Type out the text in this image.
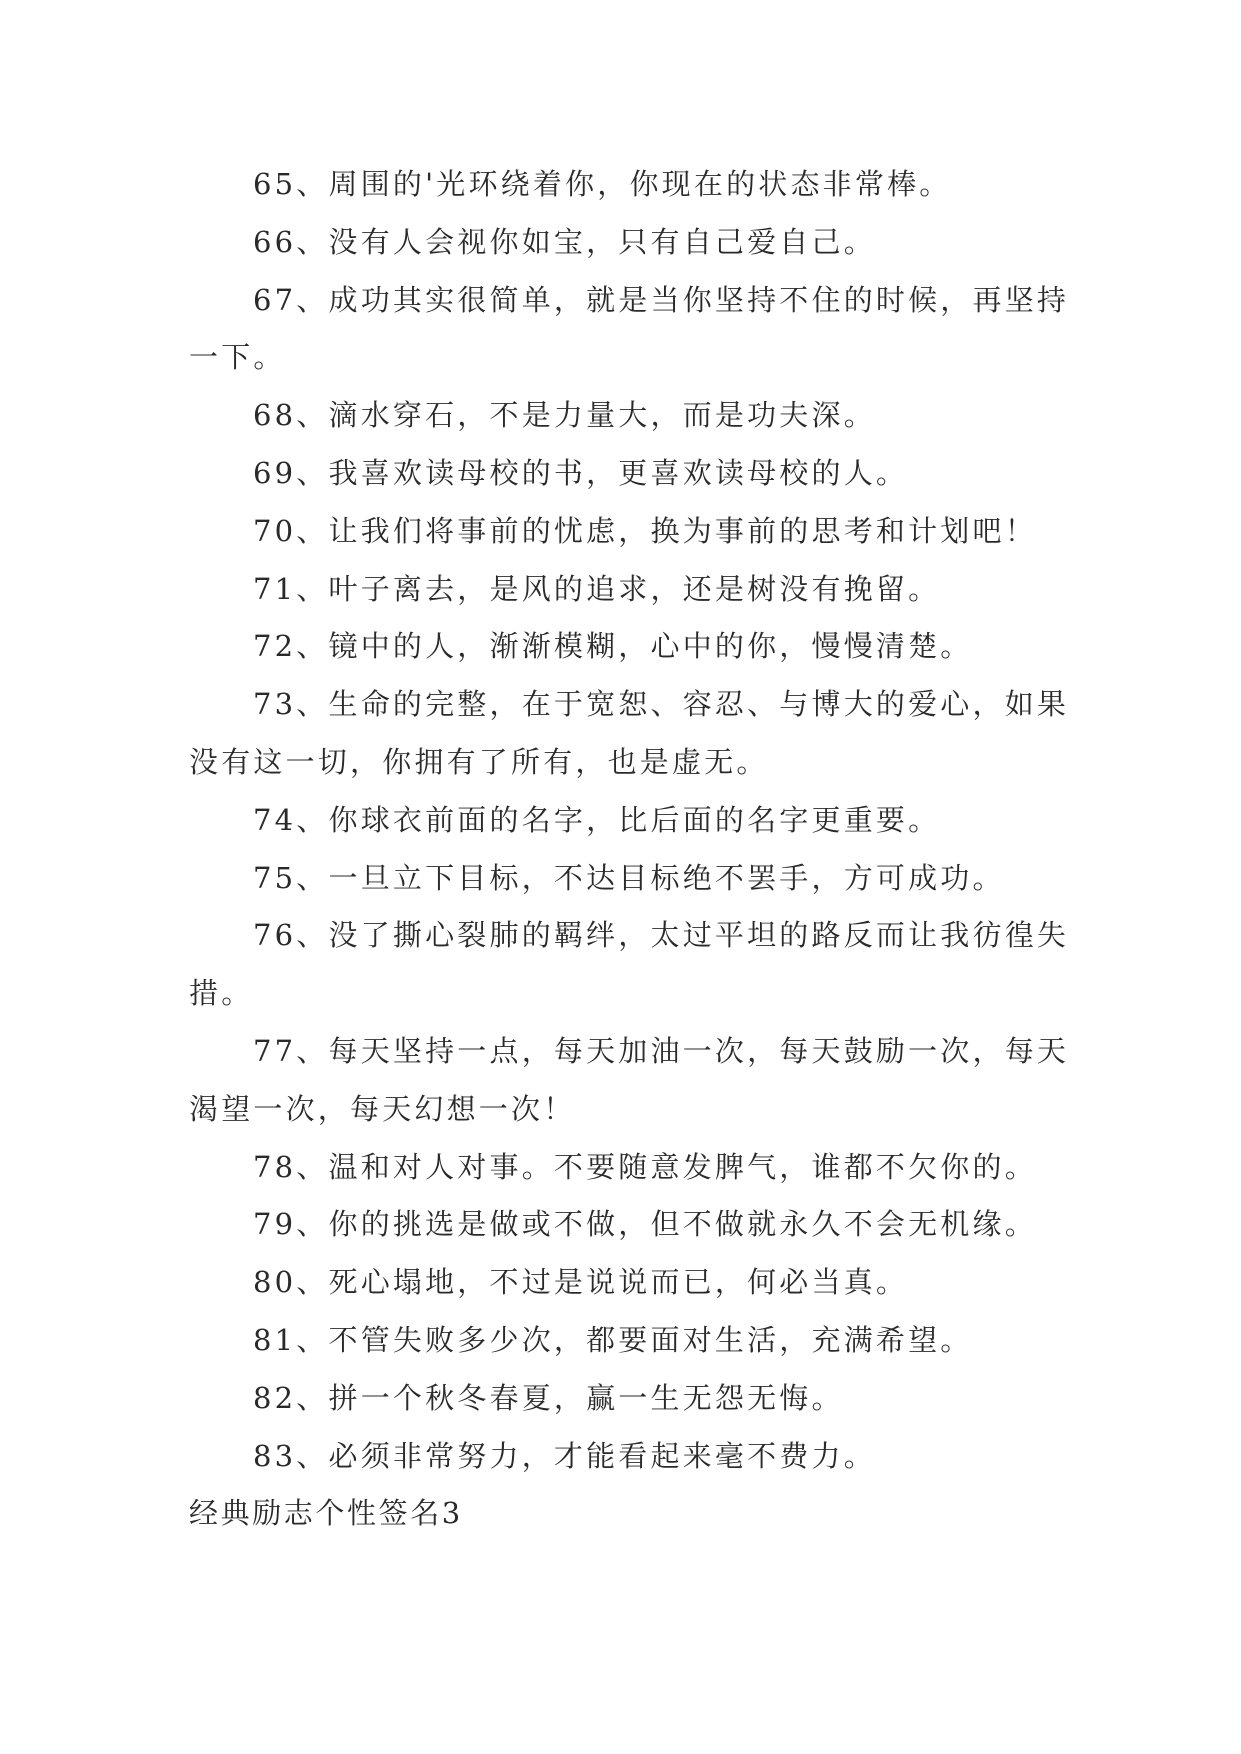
65、周围的'光环绕着你，你现在的状态非常棒。

66、没有人会视你如宝，只有自己爱自己。

67、成功其实很简单，就是当你坚持不住的时候，再坚持一下。

68、滴水穿石，不是力量大，而是功夫深。

69、我喜欢读母校的书，更喜欢读母校的人。

70、让我们将事前的忧虑，换为事前的思考和计划吧！

71、叶子离去，是风的追求，还是树没有挽留。

72、镜中的人，渐渐模糊，心中的你，慢慢清楚。

73、生命的完整，在于宽恕、容忍、与博大的爱心，如果没有这一切，你拥有了所有，也是虚无。

74、你球衣前面的名字，比后面的名字更重要。

75、一旦立下目标，不达目标绝不罢手，方可成功。

76、没了撕心裂肺的羁绊，太过平坦的路反而让我彷徨失措。

77、每天坚持一点，每天加油一次，每天鼓励一次，每天渴望一次，每天幻想一次！

78、温和对人对事。不要随意发脾气，谁都不欠你的。

79、你的挑选是做或不做，但不做就永久不会无机缘。

80、死心塌地，不过是说说而已，何必当真。

81、不管失败多少次，都要面对生活，充满希望。

82、拼一个秋冬春夏，赢一生无怨无悔。

83、必须非常努力，才能看起来毫不费力。

经典励志个性签名3
